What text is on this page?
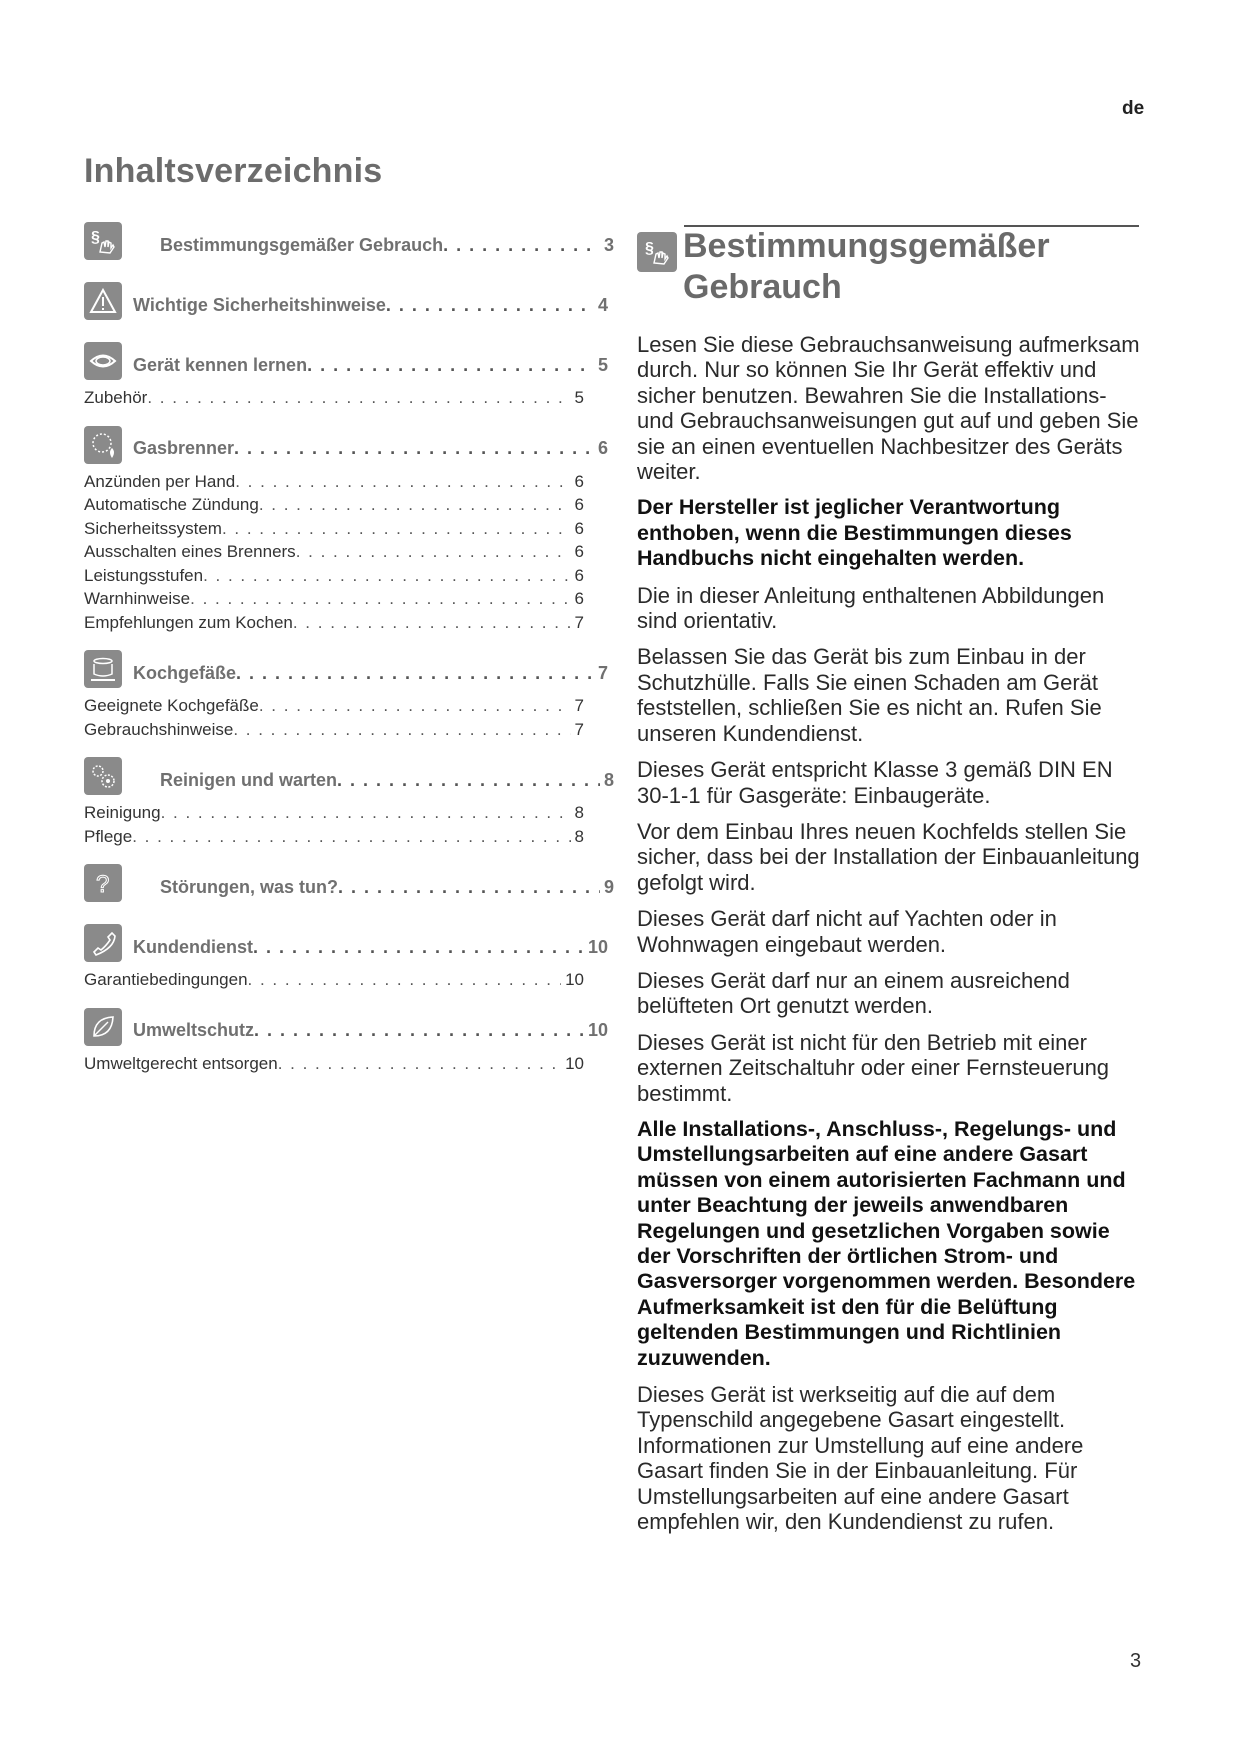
de
Inhaltsverzeichnis
§	Bestimmungsgemäßer Gebrauch . . .	3
Wichtige Sicherheitshinweise . . .	4
Gerät kennen lernen . . .	5
Zubehör . . .	5
Gasbrenner . . .	6
Anzünden per Hand . . .	6
Automatische Zündung . . .	6
Sicherheitssystem . . .	6
Ausschalten eines Brenners . . .	6
Leistungsstufen . . .	6
Warnhinweise . . .	6
Empfehlungen zum Kochen . . .	7
Kochgefäße . . .	7
Geeignete Kochgefäße . . .	7
Gebrauchshinweise . . .	7
Reinigen und warten . . .	8
Reinigung . . .	8
Pflege . . .	8
?	Störungen, was tun? . . .	9
Kundendienst . . .	10
Garantiebedingungen . . .	10
Umweltschutz . . .	10
Umweltgerecht entsorgen . . .	10
§ Bestimmungsgemäßer
Gebrauch

Lesen Sie diese Gebrauchsanweisung aufmerksam durch. Nur so können Sie Ihr Gerät effektiv und sicher benutzen. Bewahren Sie die Installations- und Gebrauchsanweisungen gut auf und geben Sie sie an einen eventuellen Nachbesitzer des Geräts weiter.

Der Hersteller ist jeglicher Verantwortung enthoben, wenn die Bestimmungen dieses Handbuchs nicht eingehalten werden.

Die in dieser Anleitung enthaltenen Abbildungen sind orientativ.

Belassen Sie das Gerät bis zum Einbau in der Schutzhülle. Falls Sie einen Schaden am Gerät feststellen, schließen Sie es nicht an. Rufen Sie unseren Kundendienst.

Dieses Gerät entspricht Klasse 3 gemäß DIN EN 30-1-1 für Gasgeräte: Einbaugeräte.

Vor dem Einbau Ihres neuen Kochfelds stellen Sie sicher, dass bei der Installation der Einbauanleitung gefolgt wird.

Dieses Gerät darf nicht auf Yachten oder in Wohnwagen eingebaut werden.

Dieses Gerät darf nur an einem ausreichend belüfteten Ort genutzt werden.

Dieses Gerät ist nicht für den Betrieb mit einer externen Zeitschaltuhr oder einer Fernsteuerung bestimmt.

Alle Installations-, Anschluss-, Regelungs- und Umstellungsarbeiten auf eine andere Gasart müssen von einem autorisierten Fachmann und unter Beachtung der jeweils anwendbaren Regelungen und gesetzlichen Vorgaben sowie der Vorschriften der örtlichen Strom- und Gasversorger vorgenommen werden. Besondere Aufmerksamkeit ist den für die Belüftung geltenden Bestimmungen und Richtlinien zuzuwenden.

Dieses Gerät ist werkseitig auf die auf dem Typenschild angegebene Gasart eingestellt. Informationen zur Umstellung auf eine andere Gasart finden Sie in der Einbauanleitung. Für Umstellungsarbeiten auf eine andere Gasart empfehlen wir, den Kundendienst zu rufen.

3
